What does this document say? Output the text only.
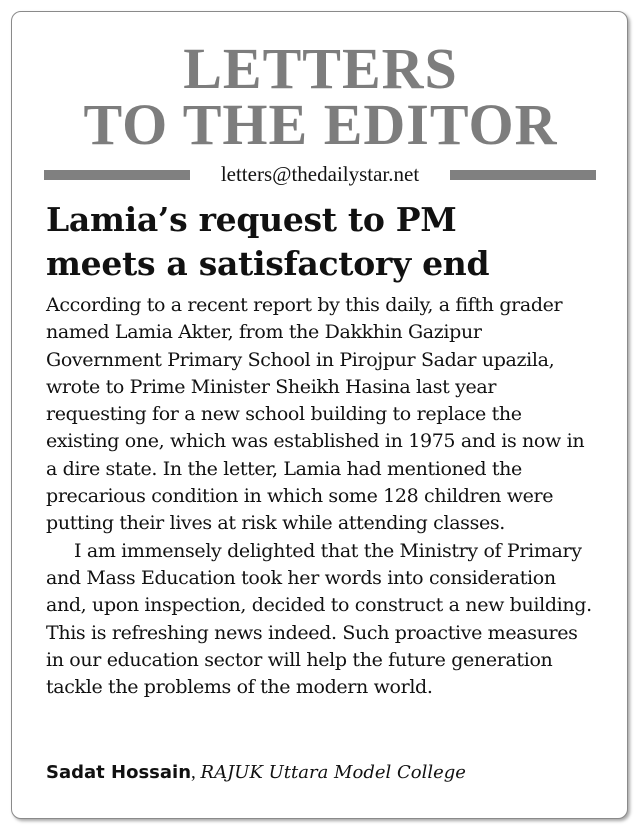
LETTERS
TO THE EDITOR
letters@thedailystar.net
Lamia’s request to PM
meets a satisfactory end

According to a recent report by this daily, a fifth grader named Lamia Akter, from the Dakkhin Gazipur Government Primary School in Pirojpur Sadar upazila, wrote to Prime Minister Sheikh Hasina last year requesting for a new school building to replace the existing one, which was established in 1975 and is now in a dire state. In the letter, Lamia had mentioned the precarious condition in which some 128 children were putting their lives at risk while attending classes.

I am immensely delighted that the Ministry of Primary and Mass Education took her words into consideration and, upon inspection, decided to construct a new building. This is refreshing news indeed. Such proactive measures in our education sector will help the future generation tackle the problems of the modern world.

Sadat Hossain, RAJUK Uttara Model College
